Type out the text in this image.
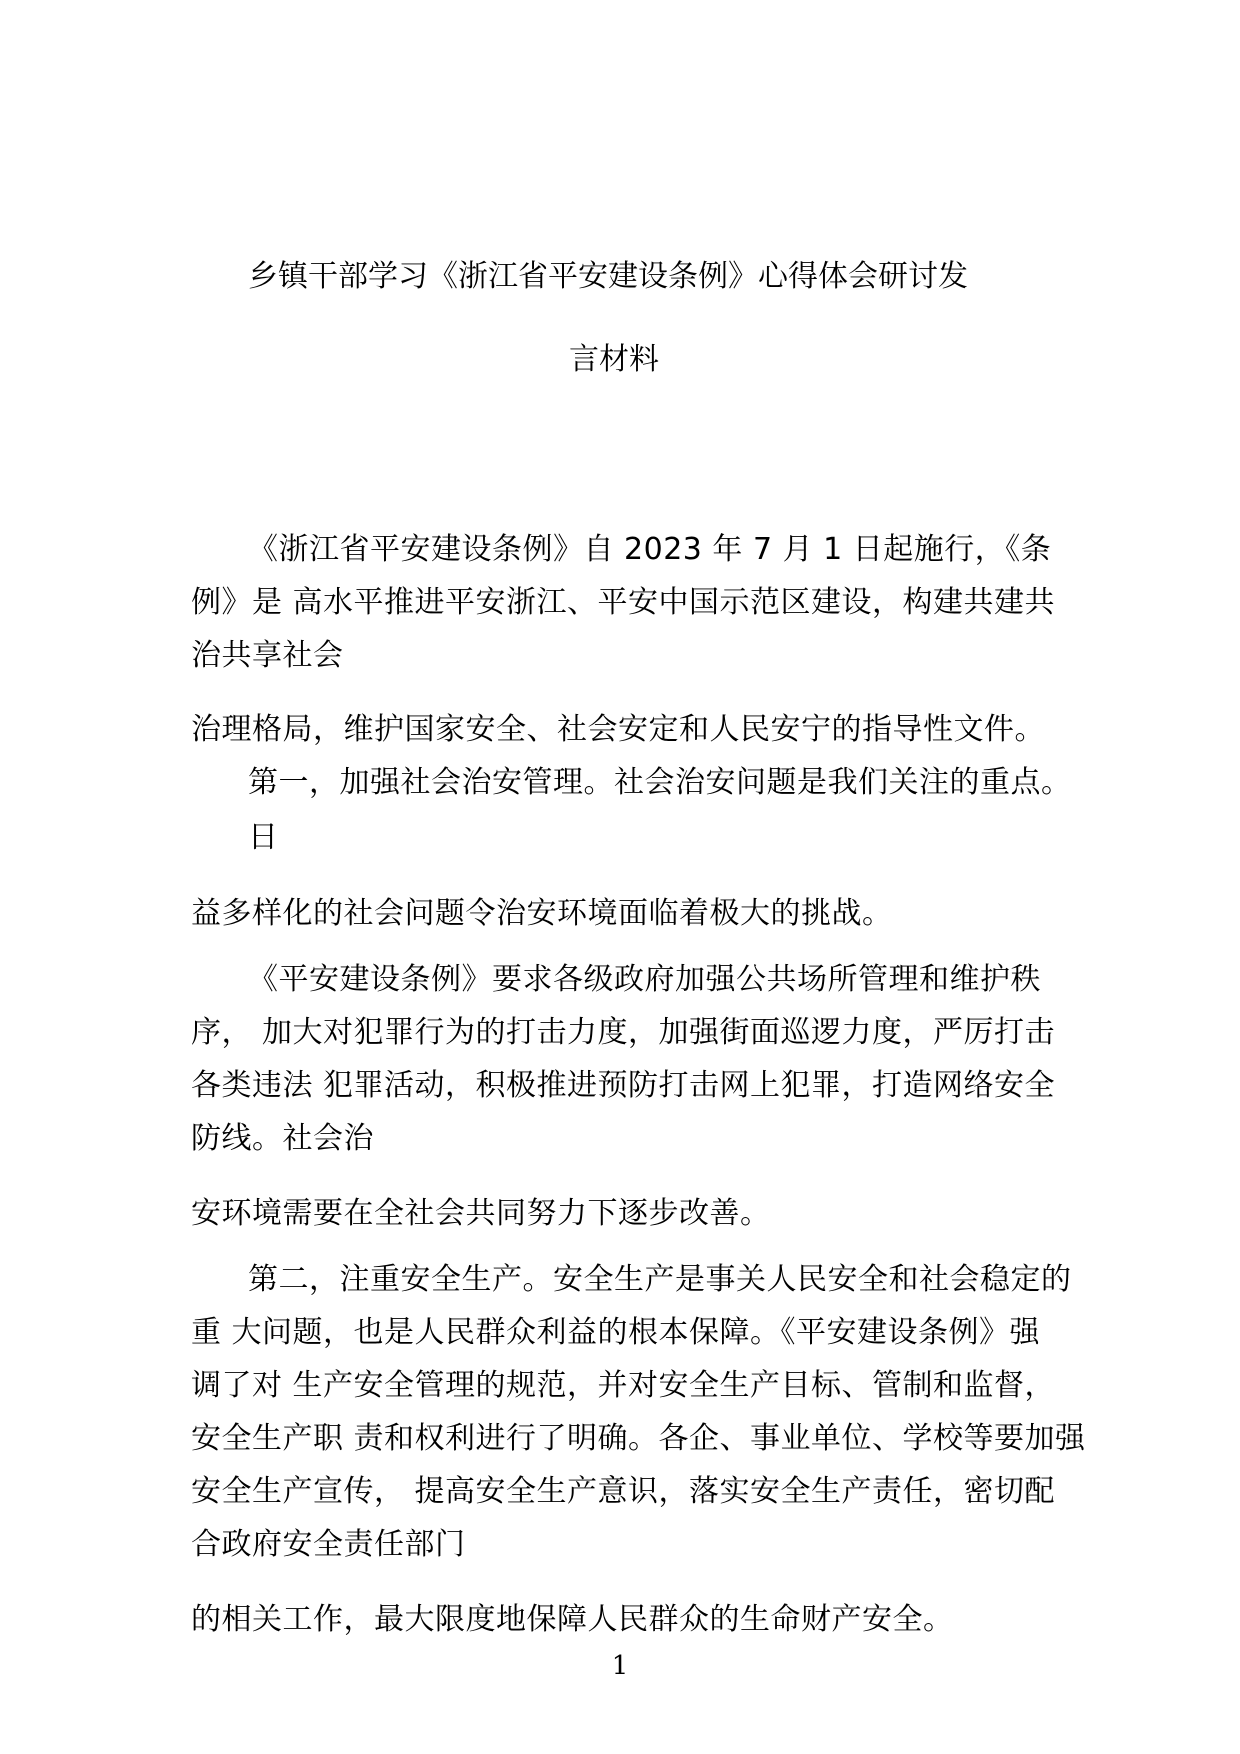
乡镇干部学习《浙江省平安建设条例》心得体会研讨发
言材料
《浙江省平安建设条例》自 2023 年 7 月 1 日起施行，《条
例》是 高水平推进平安浙江、平安中国示范区建设，构建共建共
治共享社会
治理格局，维护国家安全、社会安定和人民安宁的指导性文件。
第一，加强社会治安管理。社会治安问题是我们关注的重点。
日
益多样化的社会问题令治安环境面临着极大的挑战。
《平安建设条例》要求各级政府加强公共场所管理和维护秩
序， 加大对犯罪行为的打击力度，加强街面巡逻力度，严厉打击
各类违法 犯罪活动，积极推进预防打击网上犯罪，打造网络安全
防线。社会治
安环境需要在全社会共同努力下逐步改善。
第二，注重安全生产。安全生产是事关人民安全和社会稳定的
重 大问题，也是人民群众利益的根本保障。《平安建设条例》强
调了对 生产安全管理的规范，并对安全生产目标、管制和监督，
安全生产职 责和权利进行了明确。各企、事业单位、学校等要加强
安全生产宣传， 提高安全生产意识，落实安全生产责任，密切配
合政府安全责任部门
的相关工作，最大限度地保障人民群众的生命财产安全。
1
